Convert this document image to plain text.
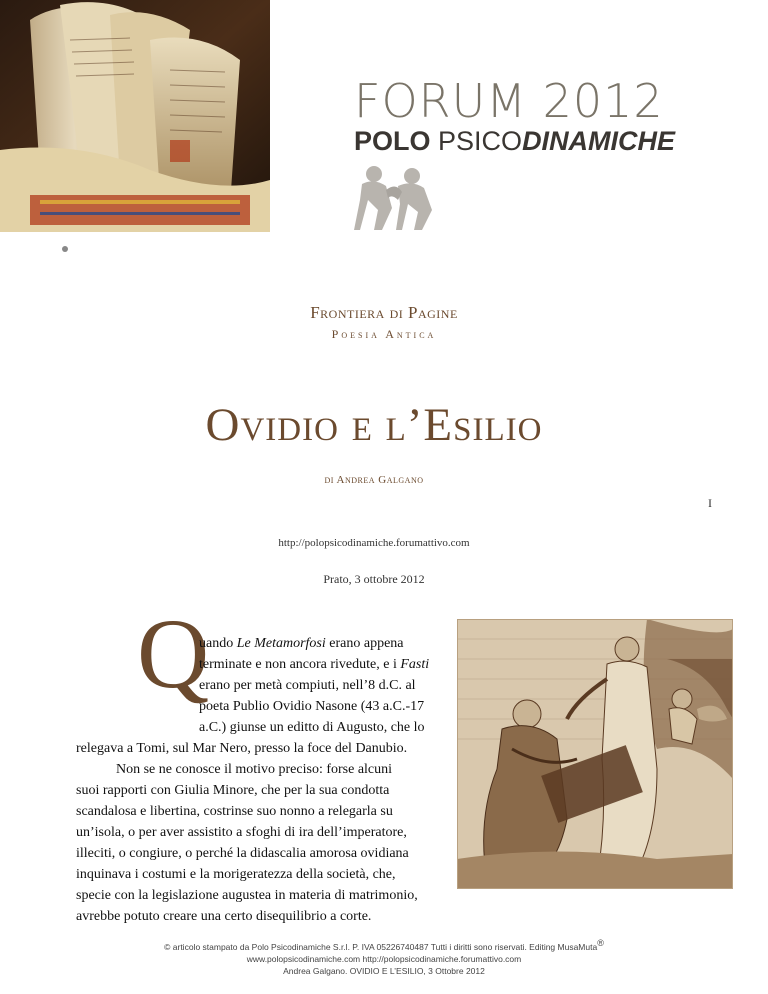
FORUM 2012
POLO PSICODINAMICHE
Frontiera di Pagine
Poesia Antica
Ovidio e l’Esilio
di Andrea Galgano
I
http://polopsicodinamiche.forumattivo.com
Prato, 3 ottobre 2012
Q
uando Le Metamorfosi erano appena
terminate e non ancora rivedute, e i Fasti
erano per metà compiuti, nell’8 d.C. al
poeta Publio Ovidio Nasone (43 a.C.-17
a.C.) giunse un editto di Augusto, che lo
relegava a Tomi, sul Mar Nero, presso la foce del Danubio.
Non se ne conosce il motivo preciso: forse alcuni
suoi rapporti con Giulia Minore, che per la sua condotta
scandalosa e libertina, costrinse suo nonno a relegarla su
un’isola, o per aver assistito a sfoghi di ira dell’imperatore,
illeciti, o congiure, o perché la didascalia amorosa ovidiana
inquinava i costumi e la morigeratezza della società, che,
specie con la legislazione augustea in materia di matrimonio,
avrebbe potuto creare una certo disequilibrio a corte.
© articolo stampato da Polo Psicodinamiche S.r.l. P. IVA 05226740487 Tutti i diritti sono riservati. Editing MusaMuta®
www.polopsicodinamiche.com http://polopsicodinamiche.forumattivo.com
Andrea Galgano. OVIDIO E L’ESILIO, 3 Ottobre 2012
